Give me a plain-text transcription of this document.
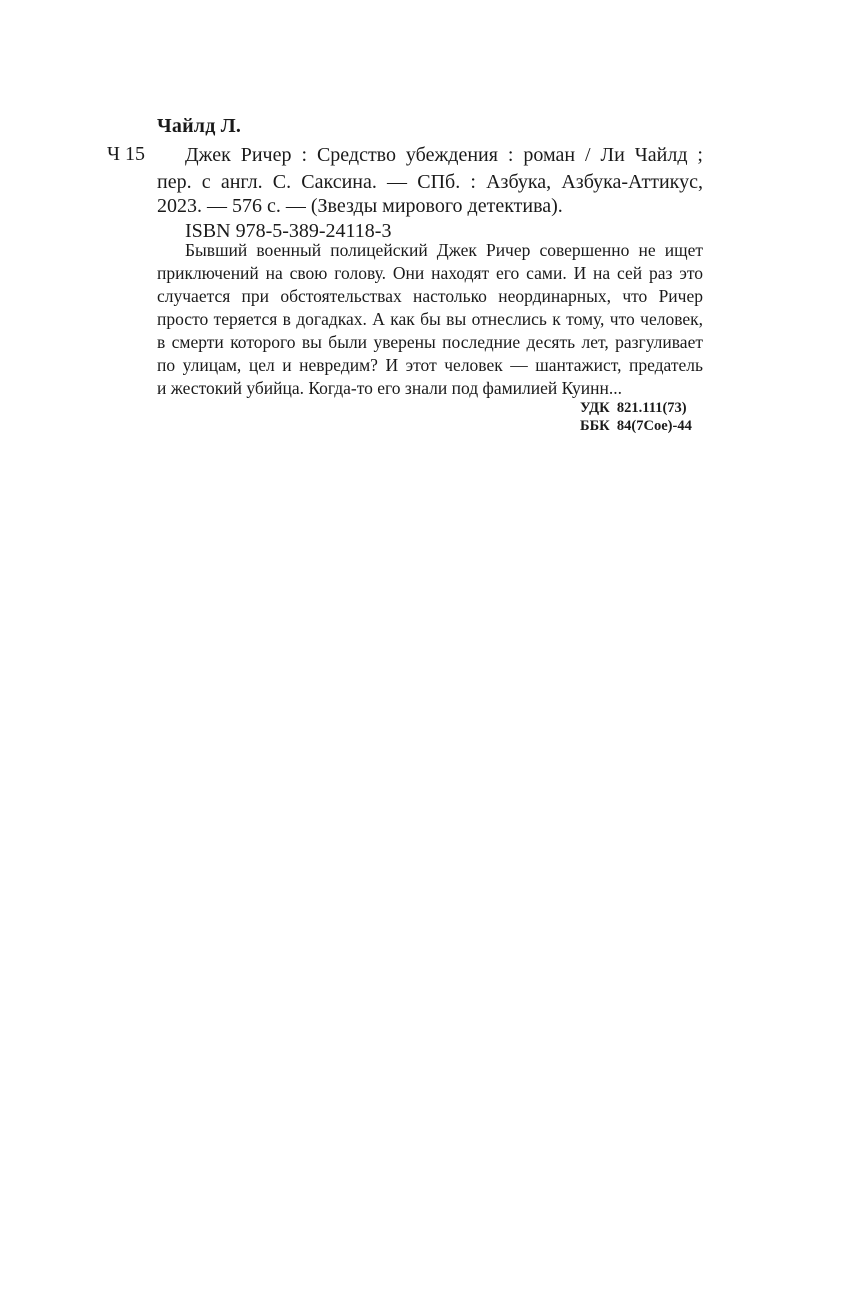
Чайлд Л.
Ч 15 Джек Ричер : Средство убеждения : роман / Ли Чайлд ;
пер. с англ. С. Саксина. — СПб. : Азбука, Азбука-Аттикус,
2023. — 576 с. — (Звезды мирового детектива).
ISBN 978-5-389-24118-3
Бывший военный полицейский Джек Ричер совершенно не ищет
приключений на свою голову. Они находят его сами. И на сей раз это
случается при обстоятельствах настолько неординарных, что Ричер
просто теряется в догадках. А как бы вы отнеслись к тому, что человек,
в смерти которого вы были уверены последние десять лет, разгуливает
по улицам, цел и невредим? И этот человек — шантажист, предатель
и жестокий убийца. Когда-то его знали под фамилией Куинн...
УДК  821.111(73)
ББК  84(7Сое)-44
